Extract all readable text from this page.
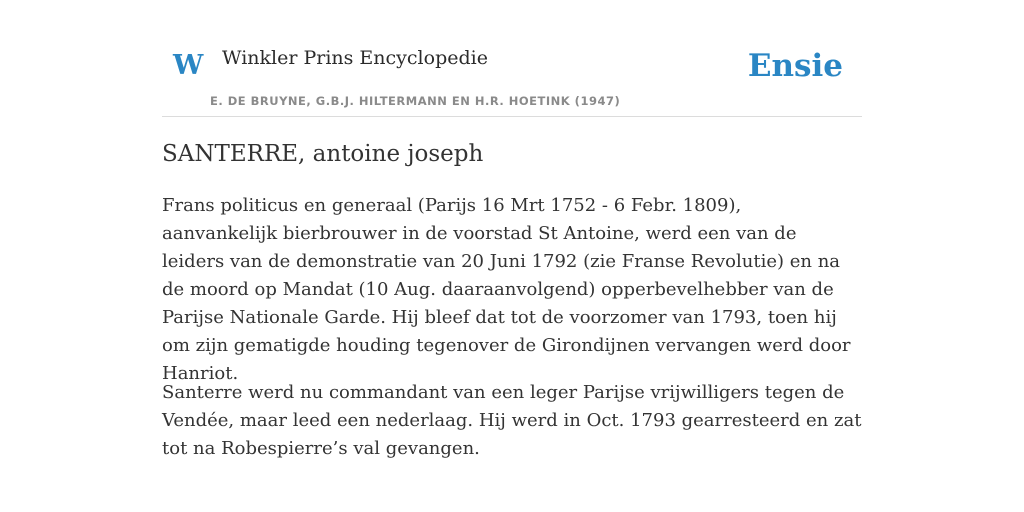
W Winkler Prins Encyclopedie
E. DE BRUYNE, G.B.J. HILTERMANN EN H.R. HOETINK (1947)
Ensie
SANTERRE, antoine joseph

Frans politicus en generaal (Parijs 16 Mrt 1752 - 6 Febr. 1809), aanvankelijk bierbrouwer in de voorstad St Antoine, werd een van de leiders van de demonstratie van 20 Juni 1792 (zie Franse Revolutie) en na de moord op Mandat (10 Aug. daaraanvolgend) opperbevelhebber van de Parijse Nationale Garde. Hij bleef dat tot de voorzomer van 1793, toen hij om zijn gematigde houding tegenover de Girondijnen vervangen werd door Hanriot.

Santerre werd nu commandant van een leger Parijse vrijwilligers tegen de Vendée, maar leed een nederlaag. Hij werd in Oct. 1793 gearresteerd en zat tot na Robespierre’s val gevangen.
